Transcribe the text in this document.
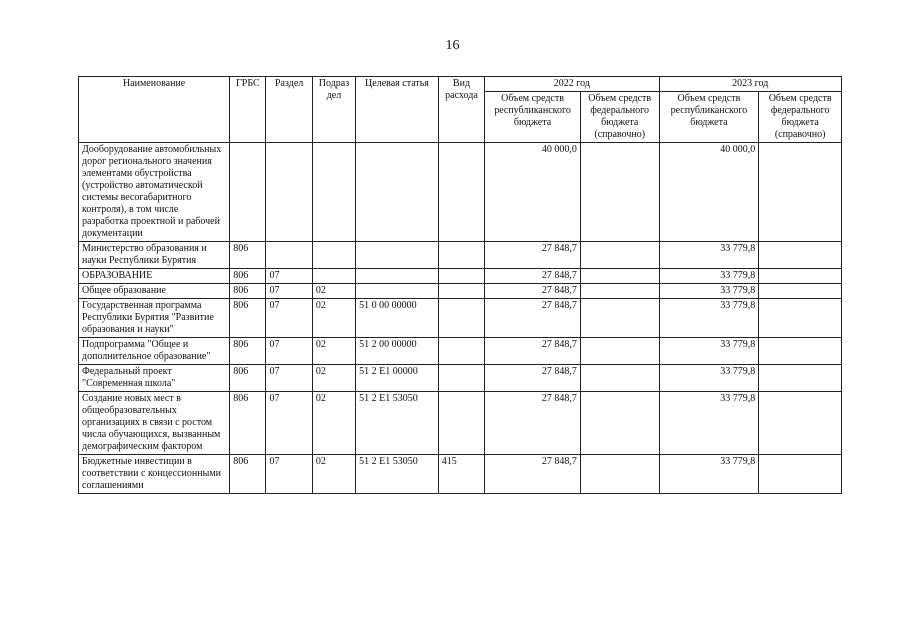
16
Наименование	ГРБС	Раздел	Подраз дел	Целевая статья	Вид расхода	2022 год		2023 год	
						Объем средств республиканского бюджета	Объем средств федерального бюджета (справочно)	Объем средств республиканского бюджета	Объем средств федерального бюджета (справочно)
Дооборудование автомобильных дорог регионального значения элементами обустройства (устройство автоматической системы весогабаритного контроля), в том числе разработка проектной и рабочей документации						40 000,0		40 000,0	
Министерство образования и науки Республики Бурятия	806					27 848,7		33 779,8	
ОБРАЗОВАНИЕ	806	07				27 848,7		33 779,8	
Общее образование	806	07	02			27 848,7		33 779,8	
Государственная программа Республики Бурятия "Развитие образования и науки"	806	07	02	51 0 00 00000		27 848,7		33 779,8	
Подпрограмма "Общее и дополнительное образование"	806	07	02	51 2 00 00000		27 848,7		33 779,8	
Федеральный проект "Современная школа"	806	07	02	51 2 E1 00000		27 848,7		33 779,8	
Создание новых мест в общеобразовательных организациях в связи с ростом числа обучающихся, вызванным демографическим фактором	806	07	02	51 2 E1 53050		27 848,7		33 779,8	
Бюджетные инвестиции в соответствии с концессионными соглашениями	806	07	02	51 2 E1 53050	415	27 848,7		33 779,8	
